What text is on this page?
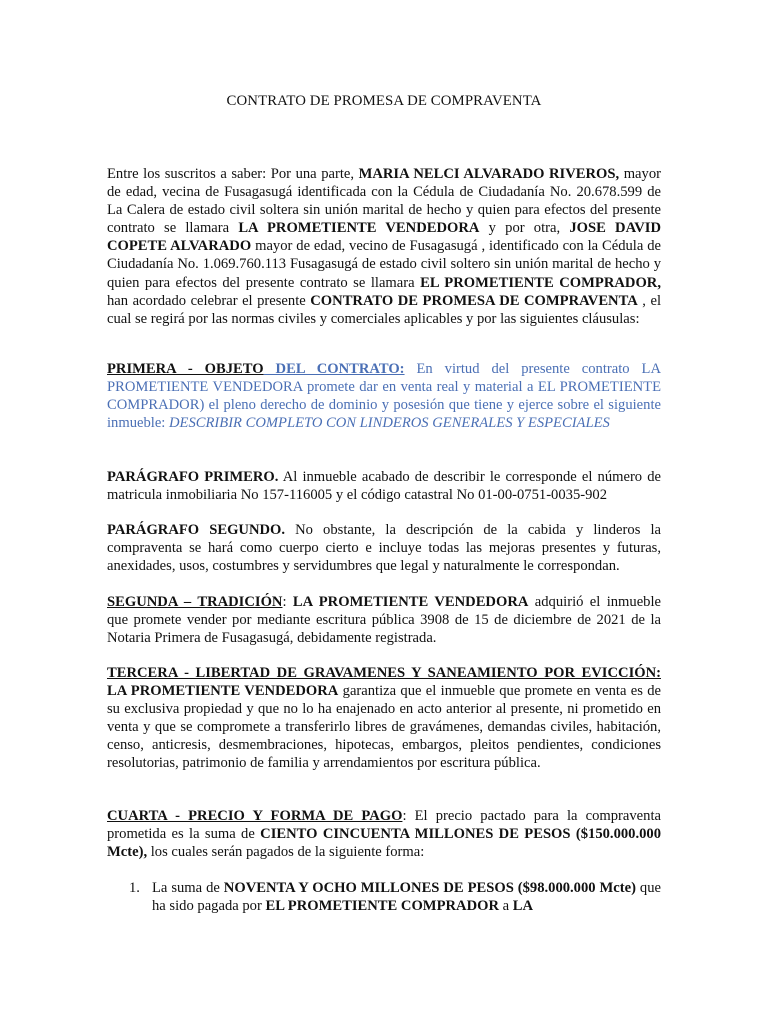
CONTRATO DE PROMESA DE COMPRAVENTA
Entre los suscritos a saber: Por una parte, MARIA NELCI ALVARADO RIVEROS, mayor de edad, vecina de Fusagasugá identificada con la Cédula de Ciudadanía No. 20.678.599 de La Calera de estado civil soltera sin unión marital de hecho y quien para efectos del presente contrato se llamara LA PROMETIENTE VENDEDORA y por otra, JOSE DAVID COPETE ALVARADO mayor de edad, vecino de Fusagasugá , identificado con la Cédula de Ciudadanía No. 1.069.760.113 Fusagasugá de estado civil soltero sin unión marital de hecho y quien para efectos del presente contrato se llamara EL PROMETIENTE COMPRADOR, han acordado celebrar el presente CONTRATO DE PROMESA DE COMPRAVENTA , el cual se regirá por las normas civiles y comerciales aplicables y por las siguientes cláusulas:
PRIMERA - OBJETO DEL CONTRATO: En virtud del presente contrato LA PROMETIENTE VENDEDORA promete dar en venta real y material a EL PROMETIENTE COMPRADOR) el pleno derecho de dominio y posesión que tiene y ejerce sobre el siguiente inmueble: DESCRIBIR COMPLETO CON LINDEROS GENERALES Y ESPECIALES
PARÁGRAFO PRIMERO. Al inmueble acabado de describir le corresponde el número de matricula inmobiliaria No 157-116005 y el código catastral No 01-00-0751-0035-902
PARÁGRAFO SEGUNDO. No obstante, la descripción de la cabida y linderos la compraventa se hará como cuerpo cierto e incluye todas las mejoras presentes y futuras, anexidades, usos, costumbres y servidumbres que legal y naturalmente le correspondan.
SEGUNDA – TRADICIÓN: LA PROMETIENTE VENDEDORA adquirió el inmueble que promete vender por mediante escritura pública 3908 de 15 de diciembre de 2021 de la Notaria Primera de Fusagasugá, debidamente registrada.
TERCERA - LIBERTAD DE GRAVAMENES Y SANEAMIENTO POR EVICCIÓN: LA PROMETIENTE VENDEDORA garantiza que el inmueble que promete en venta es de su exclusiva propiedad y que no lo ha enajenado en acto anterior al presente, ni prometido en venta y que se compromete a transferirlo libres de gravámenes, demandas civiles, habitación, censo, anticresis, desmembraciones, hipotecas, embargos, pleitos pendientes, condiciones resolutorias, patrimonio de familia y arrendamientos por escritura pública.
CUARTA - PRECIO Y FORMA DE PAGO: El precio pactado para la compraventa prometida es la suma de CIENTO CINCUENTA MILLONES DE PESOS ($150.000.000 Mcte), los cuales serán pagados de la siguiente forma:
1. La suma de NOVENTA Y OCHO MILLONES DE PESOS ($98.000.000 Mcte) que ha sido pagada por EL PROMETIENTE COMPRADOR a LA
